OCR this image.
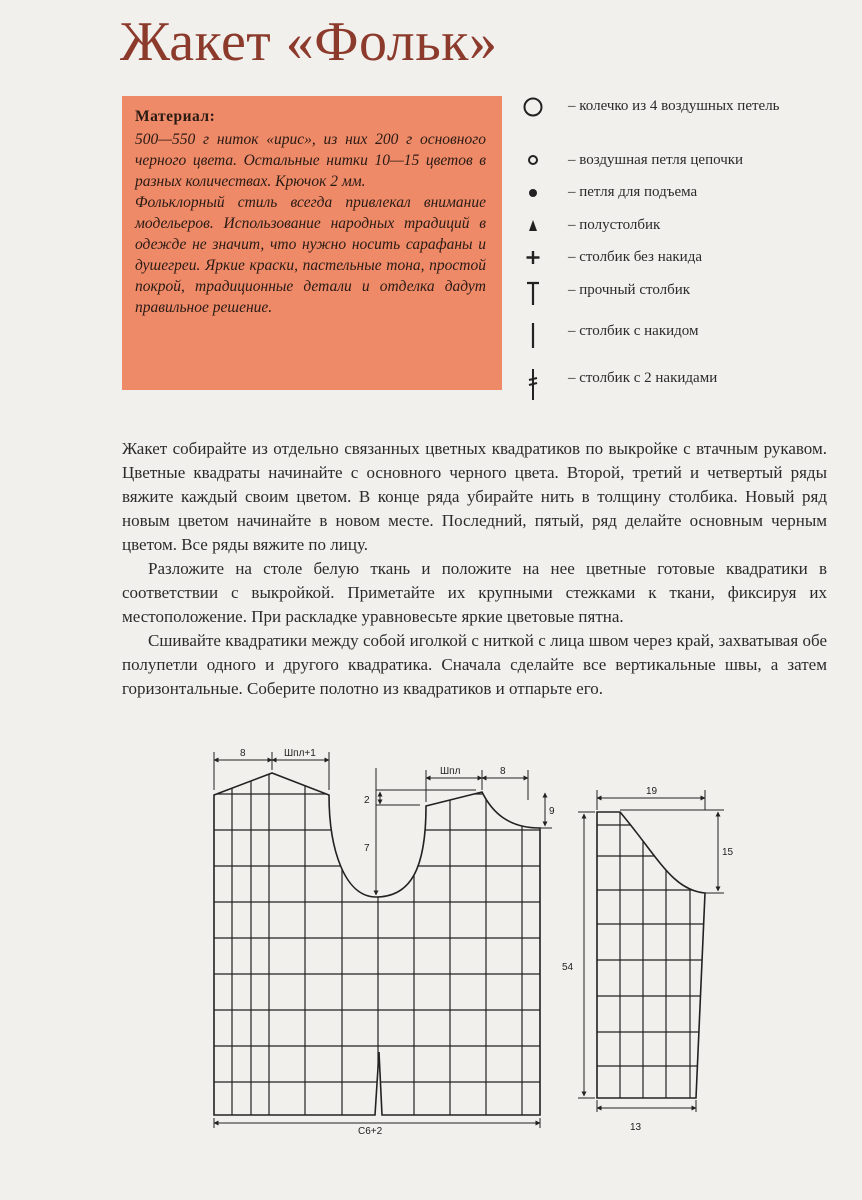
Жакет «Фольк»
Материал:

500—550 г ниток «ирис», из них 200 г основного черного цвета. Остальные нитки 10—15 цветов в разных количествах. Крючок 2 мм.

Фольклорный стиль всегда привлекал внимание модельеров. Использование народных традиций в одежде не значит, что нужно носить сарафаны и душегреи. Яркие краски, пастельные тона, простой покрой, традиционные детали и отделка дадут правильное решение.

– колечко из 4 воздушных петель
– воздушная петля цепочки
– петля для подъема
– полустолбик
– столбик без накида
– прочный столбик
– столбик с накидом
– столбик с 2 накидами

Жакет собирайте из отдельно связанных цветных квадратиков по выкройке с втачным рукавом. Цветные квадраты начинайте с основного черного цвета. Второй, третий и четвертый ряды вяжите каждый своим цветом. В конце ряда убирайте нить в толщину столбика. Новый ряд новым цветом начинайте в новом месте. Последний, пятый, ряд делайте основным черным цветом. Все ряды вяжите по лицу.

Разложите на столе белую ткань и положите на нее цветные готовые квадратики в соответствии с выкройкой. Приметайте их крупными стежками к ткани, фиксируя их местоположение. При раскладке уравновесьте яркие цветовые пятна.

Сшивайте квадратики между собой иголкой с ниткой с лица швом через край, захватывая обе полупетли одного и другого квадратика. Сначала сделайте все вертикальные швы, а затем горизонтальные. Соберите полотно из квадратиков и отпарьте его.

8	Шпл+1
Шпл	8
2
7
9
С6+2
19
15
54
13
